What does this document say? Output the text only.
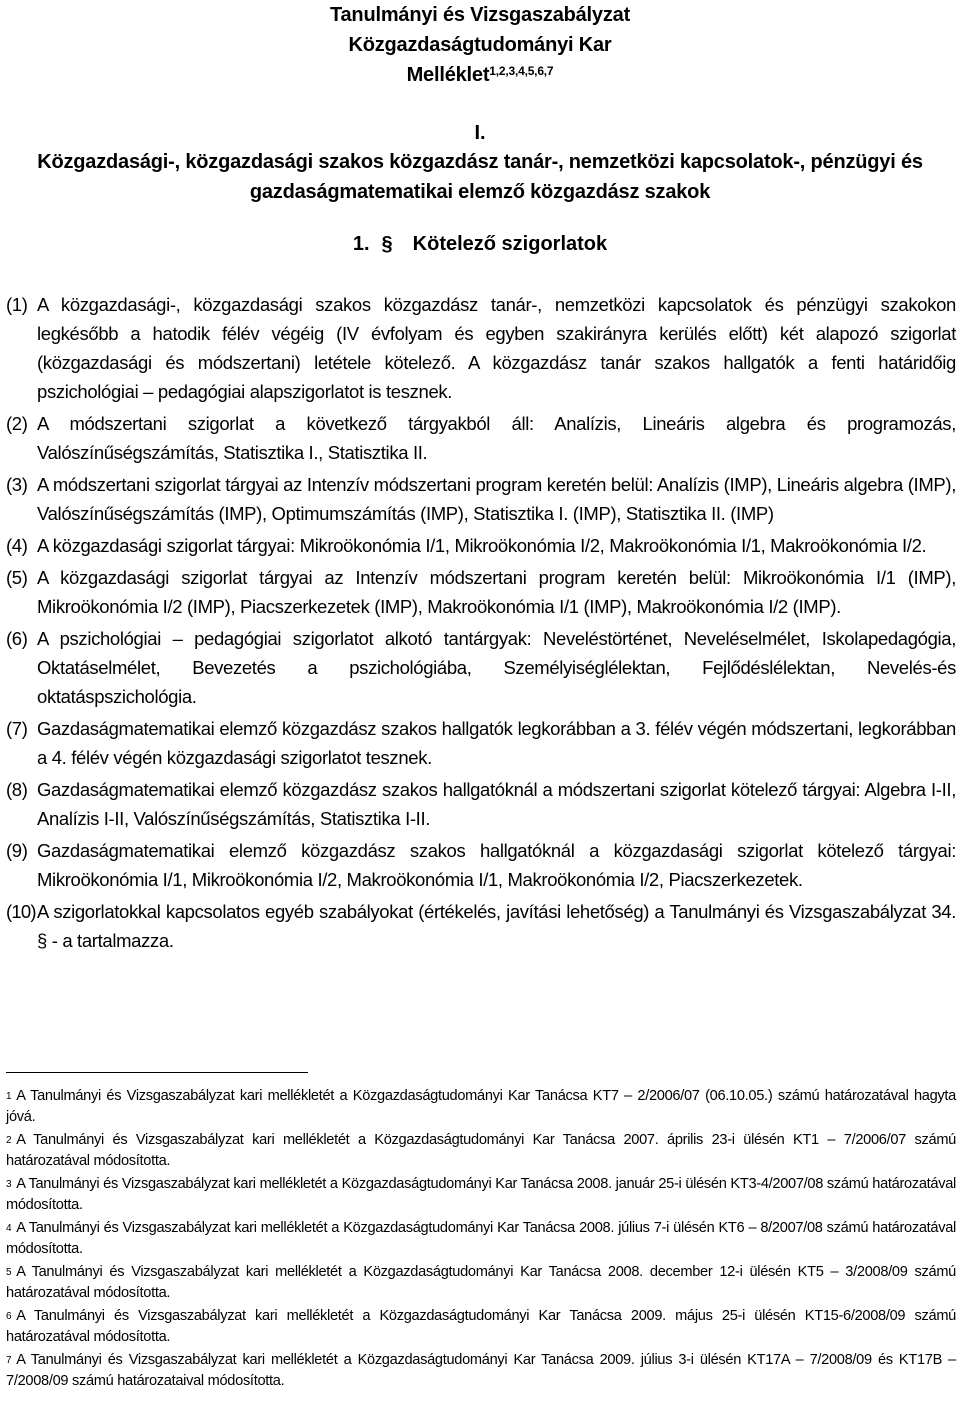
Tanulmányi és Vizsgaszabályzat
Közgazdaságtudományi Kar
Melléklet$^{1,2,3,4,5,6,7}$
I.
Közgazdasági-, közgazdasági szakos közgazdász tanár-, nemzetközi kapcsolatok-, pénzügyi és gazdaságmatematikai elemző közgazdász szakok
1. § Kötelező szigorlatok

(1) A közgazdasági-, közgazdasági szakos közgazdász tanár-, nemzetközi kapcsolatok és pénzügyi szakokon legkésőbb a hatodik félév végéig (IV évfolyam és egyben szakirányra kerülés előtt) két alapozó szigorlat (közgazdasági és módszertani) letétele kötelező. A közgazdász tanár szakos hallgatók a fenti határidőig pszichológiai – pedagógiai alapszigorlatot is tesznek.

(2) A módszertani szigorlat a következő tárgyakból áll: Analízis, Lineáris algebra és programozás, Valószínűségszámítás, Statisztika I., Statisztika II.

(3) A módszertani szigorlat tárgyai az Intenzív módszertani program keretén belül: Analízis (IMP), Lineáris algebra (IMP), Valószínűségszámítás (IMP), Optimumszámítás (IMP), Statisztika I. (IMP), Statisztika II. (IMP)

(4) A közgazdasági szigorlat tárgyai: Mikroökonómia I/1, Mikroökonómia I/2, Makroökonómia I/1, Makroökonómia I/2.

(5) A közgazdasági szigorlat tárgyai az Intenzív módszertani program keretén belül: Mikroökonómia I/1 (IMP), Mikroökonómia I/2 (IMP), Piacszerkezetek (IMP), Makroökonómia I/1 (IMP), Makroökonómia I/2 (IMP).

(6) A pszichológiai – pedagógiai szigorlatot alkotó tantárgyak: Neveléstörténet, Neveléselmélet, Iskolapedagógia, Oktatáselmélet, Bevezetés a pszichológiába, Személyiséglélektan, Fejlődéslélektan, Nevelés-és oktatáspszichológia.

(7) Gazdaságmatematikai elemző közgazdász szakos hallgatók legkorábban a 3. félév végén módszertani, legkorábban a 4. félév végén közgazdasági szigorlatot tesznek.

(8) Gazdaságmatematikai elemző közgazdász szakos hallgatóknál a módszertani szigorlat kötelező tárgyai: Algebra I-II, Analízis I-II, Valószínűségszámítás, Statisztika I-II.

(9) Gazdaságmatematikai elemző közgazdász szakos hallgatóknál a közgazdasági szigorlat kötelező tárgyai: Mikroökonómia I/1, Mikroökonómia I/2, Makroökonómia I/1, Makroökonómia I/2, Piacszerkezetek.

(10) A szigorlatokkal kapcsolatos egyéb szabályokat (értékelés, javítási lehetőség) a Tanulmányi és Vizsgaszabályzat 34. § - a tartalmazza.

$^1$ A Tanulmányi és Vizsgaszabályzat kari mellékletét a Közgazdaságtudományi Kar Tanácsa KT7 – 2/2006/07 (06.10.05.) számú határozatával hagyta jóvá.

$^2$ A Tanulmányi és Vizsgaszabályzat kari mellékletét a Közgazdaságtudományi Kar Tanácsa 2007. április 23-i ülésén KT1 – 7/2006/07 számú határozatával módosította.

$^3$ A Tanulmányi és Vizsgaszabályzat kari mellékletét a Közgazdaságtudományi Kar Tanácsa 2008. január 25-i ülésén KT3-4/2007/08 számú határozatával módosította.

$^4$ A Tanulmányi és Vizsgaszabályzat kari mellékletét a Közgazdaságtudományi Kar Tanácsa 2008. július 7-i ülésén KT6 – 8/2007/08 számú határozatával módosította.

$^5$ A Tanulmányi és Vizsgaszabályzat kari mellékletét a Közgazdaságtudományi Kar Tanácsa 2008. december 12-i ülésén KT5 – 3/2008/09 számú határozatával módosította.

$^6$ A Tanulmányi és Vizsgaszabályzat kari mellékletét a Közgazdaságtudományi Kar Tanácsa 2009. május 25-i ülésén KT15-6/2008/09 számú határozatával módosította.

$^7$ A Tanulmányi és Vizsgaszabályzat kari mellékletét a Közgazdaságtudományi Kar Tanácsa 2009. július 3-i ülésén KT17A – 7/2008/09 és KT17B – 7/2008/09 számú határozataival módosította.
